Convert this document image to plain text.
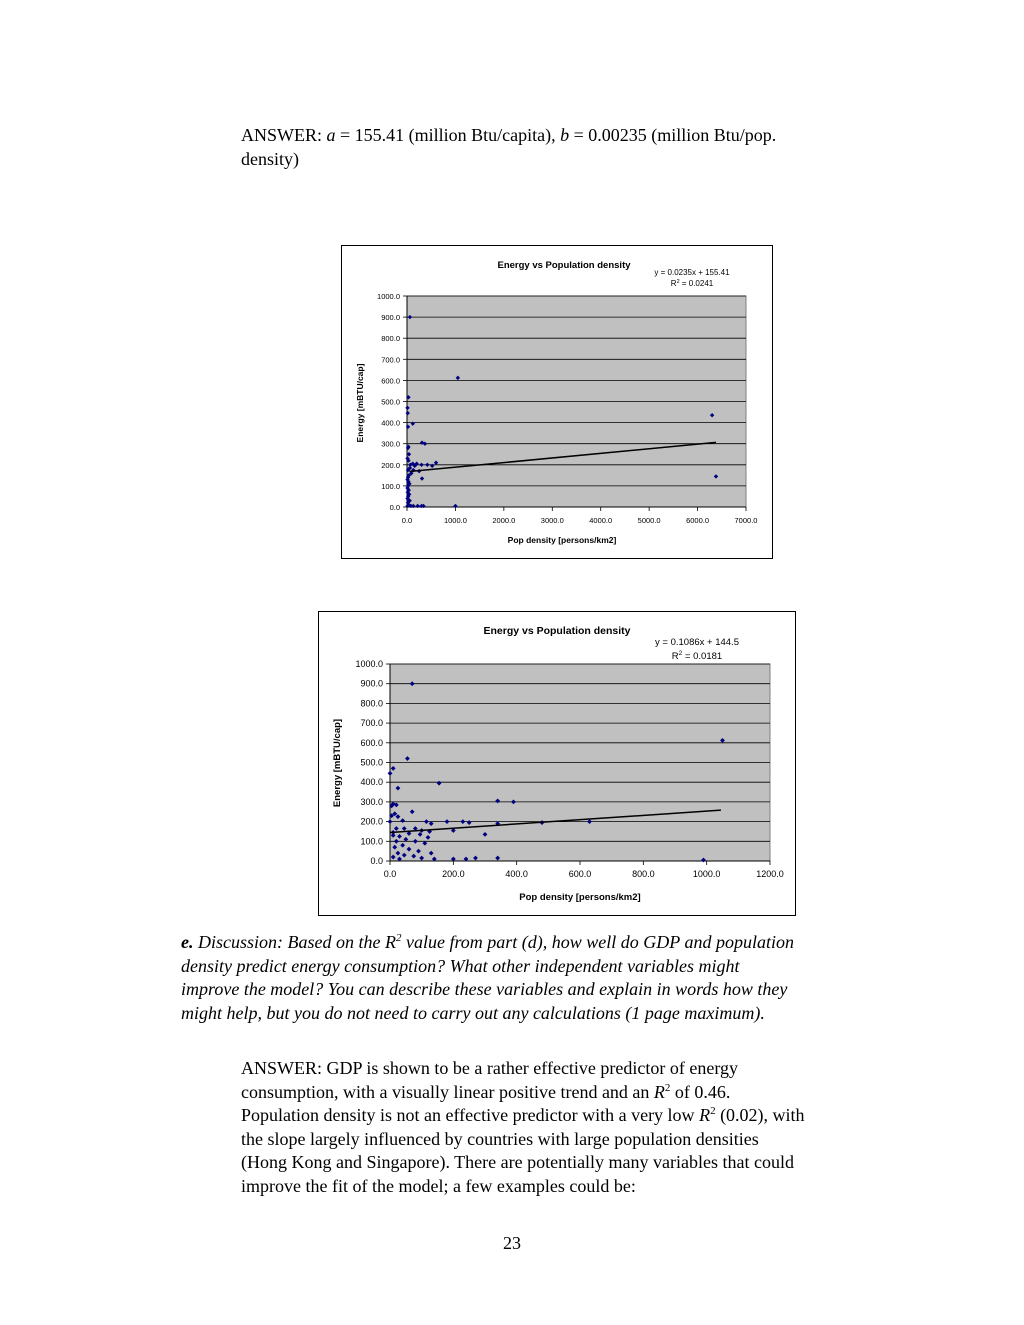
ANSWER: a = 155.41 (million Btu/capita), b = 0.00235 (million Btu/pop.
density)
Energy vs Population density
y = 0.0235x + 155.41
$R^2 = 0.0241$
Energy [mBTU/cap]
Pop density [persons/km2]
0.0
100.0
200.0
300.0
400.0
500.0
600.0
700.0
800.0
900.0
1000.0
0.0	1000.0	2000.0	3000.0	4000.0	5000.0	6000.0	7000.0
Energy vs Population density
y = 0.1086x + 144.5
$R^2 = 0.0181$
Energy [mBTU/cap]
Pop density [persons/km2]
0.0
100.0
200.0
300.0
400.0
500.0
600.0
700.0
800.0
900.0
1000.0
0.0	200.0	400.0	600.0	800.0	1000.0	1200.0
e. Discussion: Based on the $R^2$ value from part (d), how well do GDP and population
density predict energy consumption? What other independent variables might
improve the model? You can describe these variables and explain in words how they
might help, but you do not need to carry out any calculations (1 page maximum).
ANSWER: GDP is shown to be a rather effective predictor of energy
consumption, with a visually linear positive trend and an $R^2$ of 0.46.
Population density is not an effective predictor with a very low $R^2$ (0.02), with
the slope largely influenced by countries with large population densities
(Hong Kong and Singapore). There are potentially many variables that could
improve the fit of the model; a few examples could be:
23
